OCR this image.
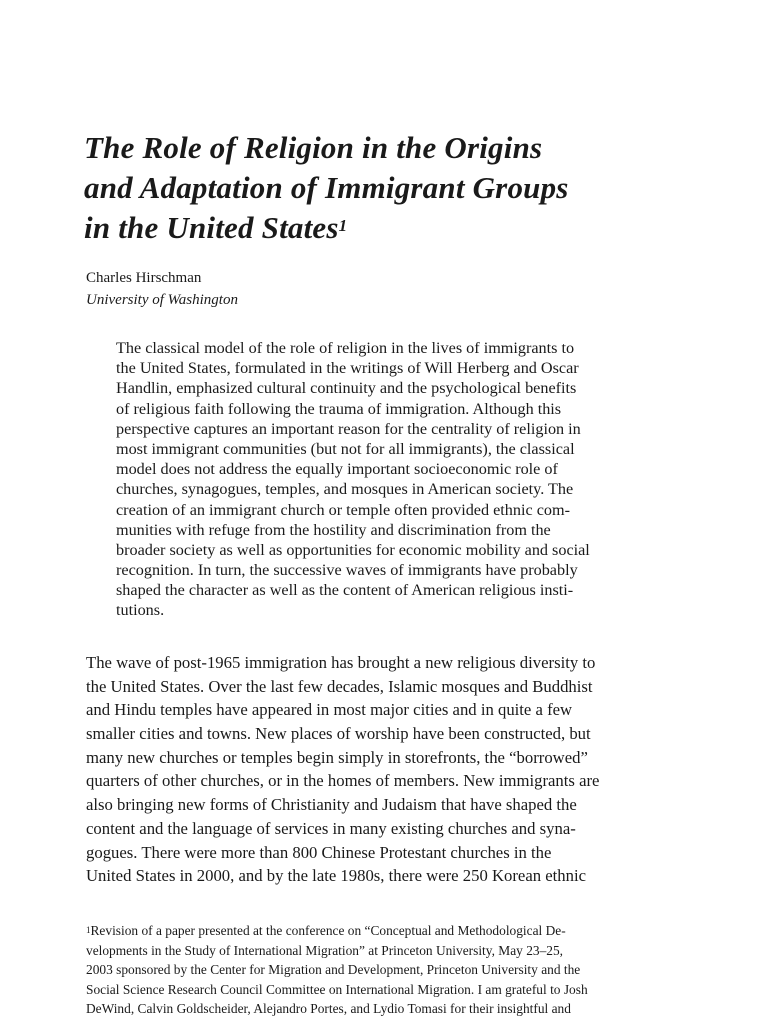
The Role of Religion in the Origins
and Adaptation of Immigrant Groups
in the United States$^1$

Charles Hirschman

University of Washington

The classical model of the role of religion in the lives of immigrants to
the United States, formulated in the writings of Will Herberg and Oscar
Handlin, emphasized cultural continuity and the psychological benefits
of religious faith following the trauma of immigration. Although this
perspective captures an important reason for the centrality of religion in
most immigrant communities (but not for all immigrants), the classical
model does not address the equally important socioeconomic role of
churches, synagogues, temples, and mosques in American society. The
creation of an immigrant church or temple often provided ethnic com-
munities with refuge from the hostility and discrimination from the
broader society as well as opportunities for economic mobility and social
recognition. In turn, the successive waves of immigrants have probably
shaped the character as well as the content of American religious insti-
tutions.
The wave of post-1965 immigration has brought a new religious diversity to
the United States. Over the last few decades, Islamic mosques and Buddhist
and Hindu temples have appeared in most major cities and in quite a few
smaller cities and towns. New places of worship have been constructed, but
many new churches or temples begin simply in storefronts, the “borrowed”
quarters of other churches, or in the homes of members. New immigrants are
also bringing new forms of Christianity and Judaism that have shaped the
content and the language of services in many existing churches and syna-
gogues. There were more than 800 Chinese Protestant churches in the
United States in 2000, and by the late 1980s, there were 250 Korean ethnic
$^1$Revision of a paper presented at the conference on “Conceptual and Methodological De-
velopments in the Study of International Migration” at Princeton University, May 23–25,
2003 sponsored by the Center for Migration and Development, Princeton University and the
Social Science Research Council Committee on International Migration. I am grateful to Josh
DeWind, Calvin Goldscheider, Alejandro Portes, and Lydio Tomasi for their insightful and
